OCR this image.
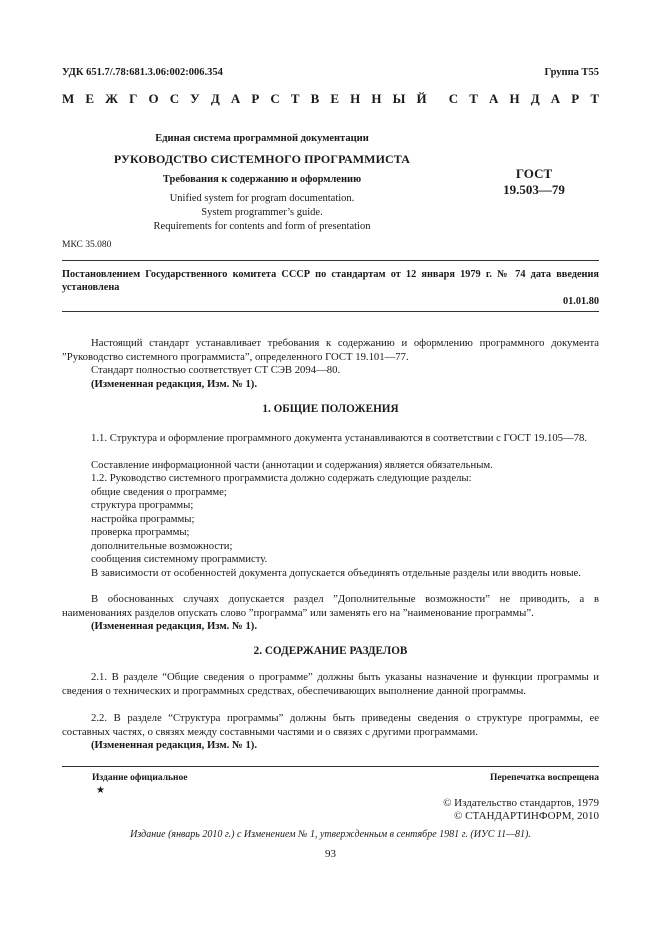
УДК 651.7/.78:681.3.06:002:006.354	Группа Т55
М Е Ж Г О С У Д А Р С Т В Е Н Н Ы Й С Т А Н Д А Р Т
Единая система программной документации
РУКОВОДСТВО СИСТЕМНОГО ПРОГРАММИСТА
Требования к содержанию и оформлению
Unified system for program documentation.
System programmer’s guide.
Requirements for contents and form of presentation
ГОСТ
19.503—79
МКС 35.080
Постановлением Государственного комитета СССР по стандартам от 12 января 1979 г. № 74 дата введения установлена
01.01.80
Настоящий стандарт устанавливает требования к содержанию и оформлению программного документа ”Руководство системного программиста”, определенного ГОСТ 19.101—77.
Стандарт полностью соответствует СТ СЭВ 2094—80.
(Измененная редакция, Изм. № 1).
1. ОБЩИЕ ПОЛОЖЕНИЯ
1.1. Структура и оформление программного документа устанавливаются в соответствии с ГОСТ 19.105—78.
Составление информационной части (аннотации и содержания) является обязательным.
1.2. Руководство системного программиста должно содержать следующие разделы:
общие сведения о программе;
структура программы;
настройка программы;
проверка программы;
дополнительные возможности;
сообщения системному программисту.
В зависимости от особенностей документа допускается объединять отдельные разделы или вводить новые.
В обоснованных случаях допускается раздел ”Дополнительные возможности” не приводить, а в наименованиях разделов опускать слово ”программа” или заменять его на ”наименование программы”.
(Измененная редакция, Изм. № 1).
2. СОДЕРЖАНИЕ РАЗДЕЛОВ
2.1. В разделе “Общие сведения о программе” должны быть указаны назначение и функции программы и сведения о технических и программных средствах, обеспечивающих выполнение данной программы.
2.2. В разделе “Структура программы” должны быть приведены сведения о структуре программы, ее составных частях, о связях между составными частями и о связях с другими программами.
(Измененная редакция, Изм. № 1).
Издание официальное
★
Перепечатка воспрещена
© Издательство стандартов, 1979
© СТАНДАРТИНФОРМ, 2010
Издание (январь 2010 г.) с Изменением № 1, утвержденным в сентябре 1981 г. (ИУС 11—81).
93
